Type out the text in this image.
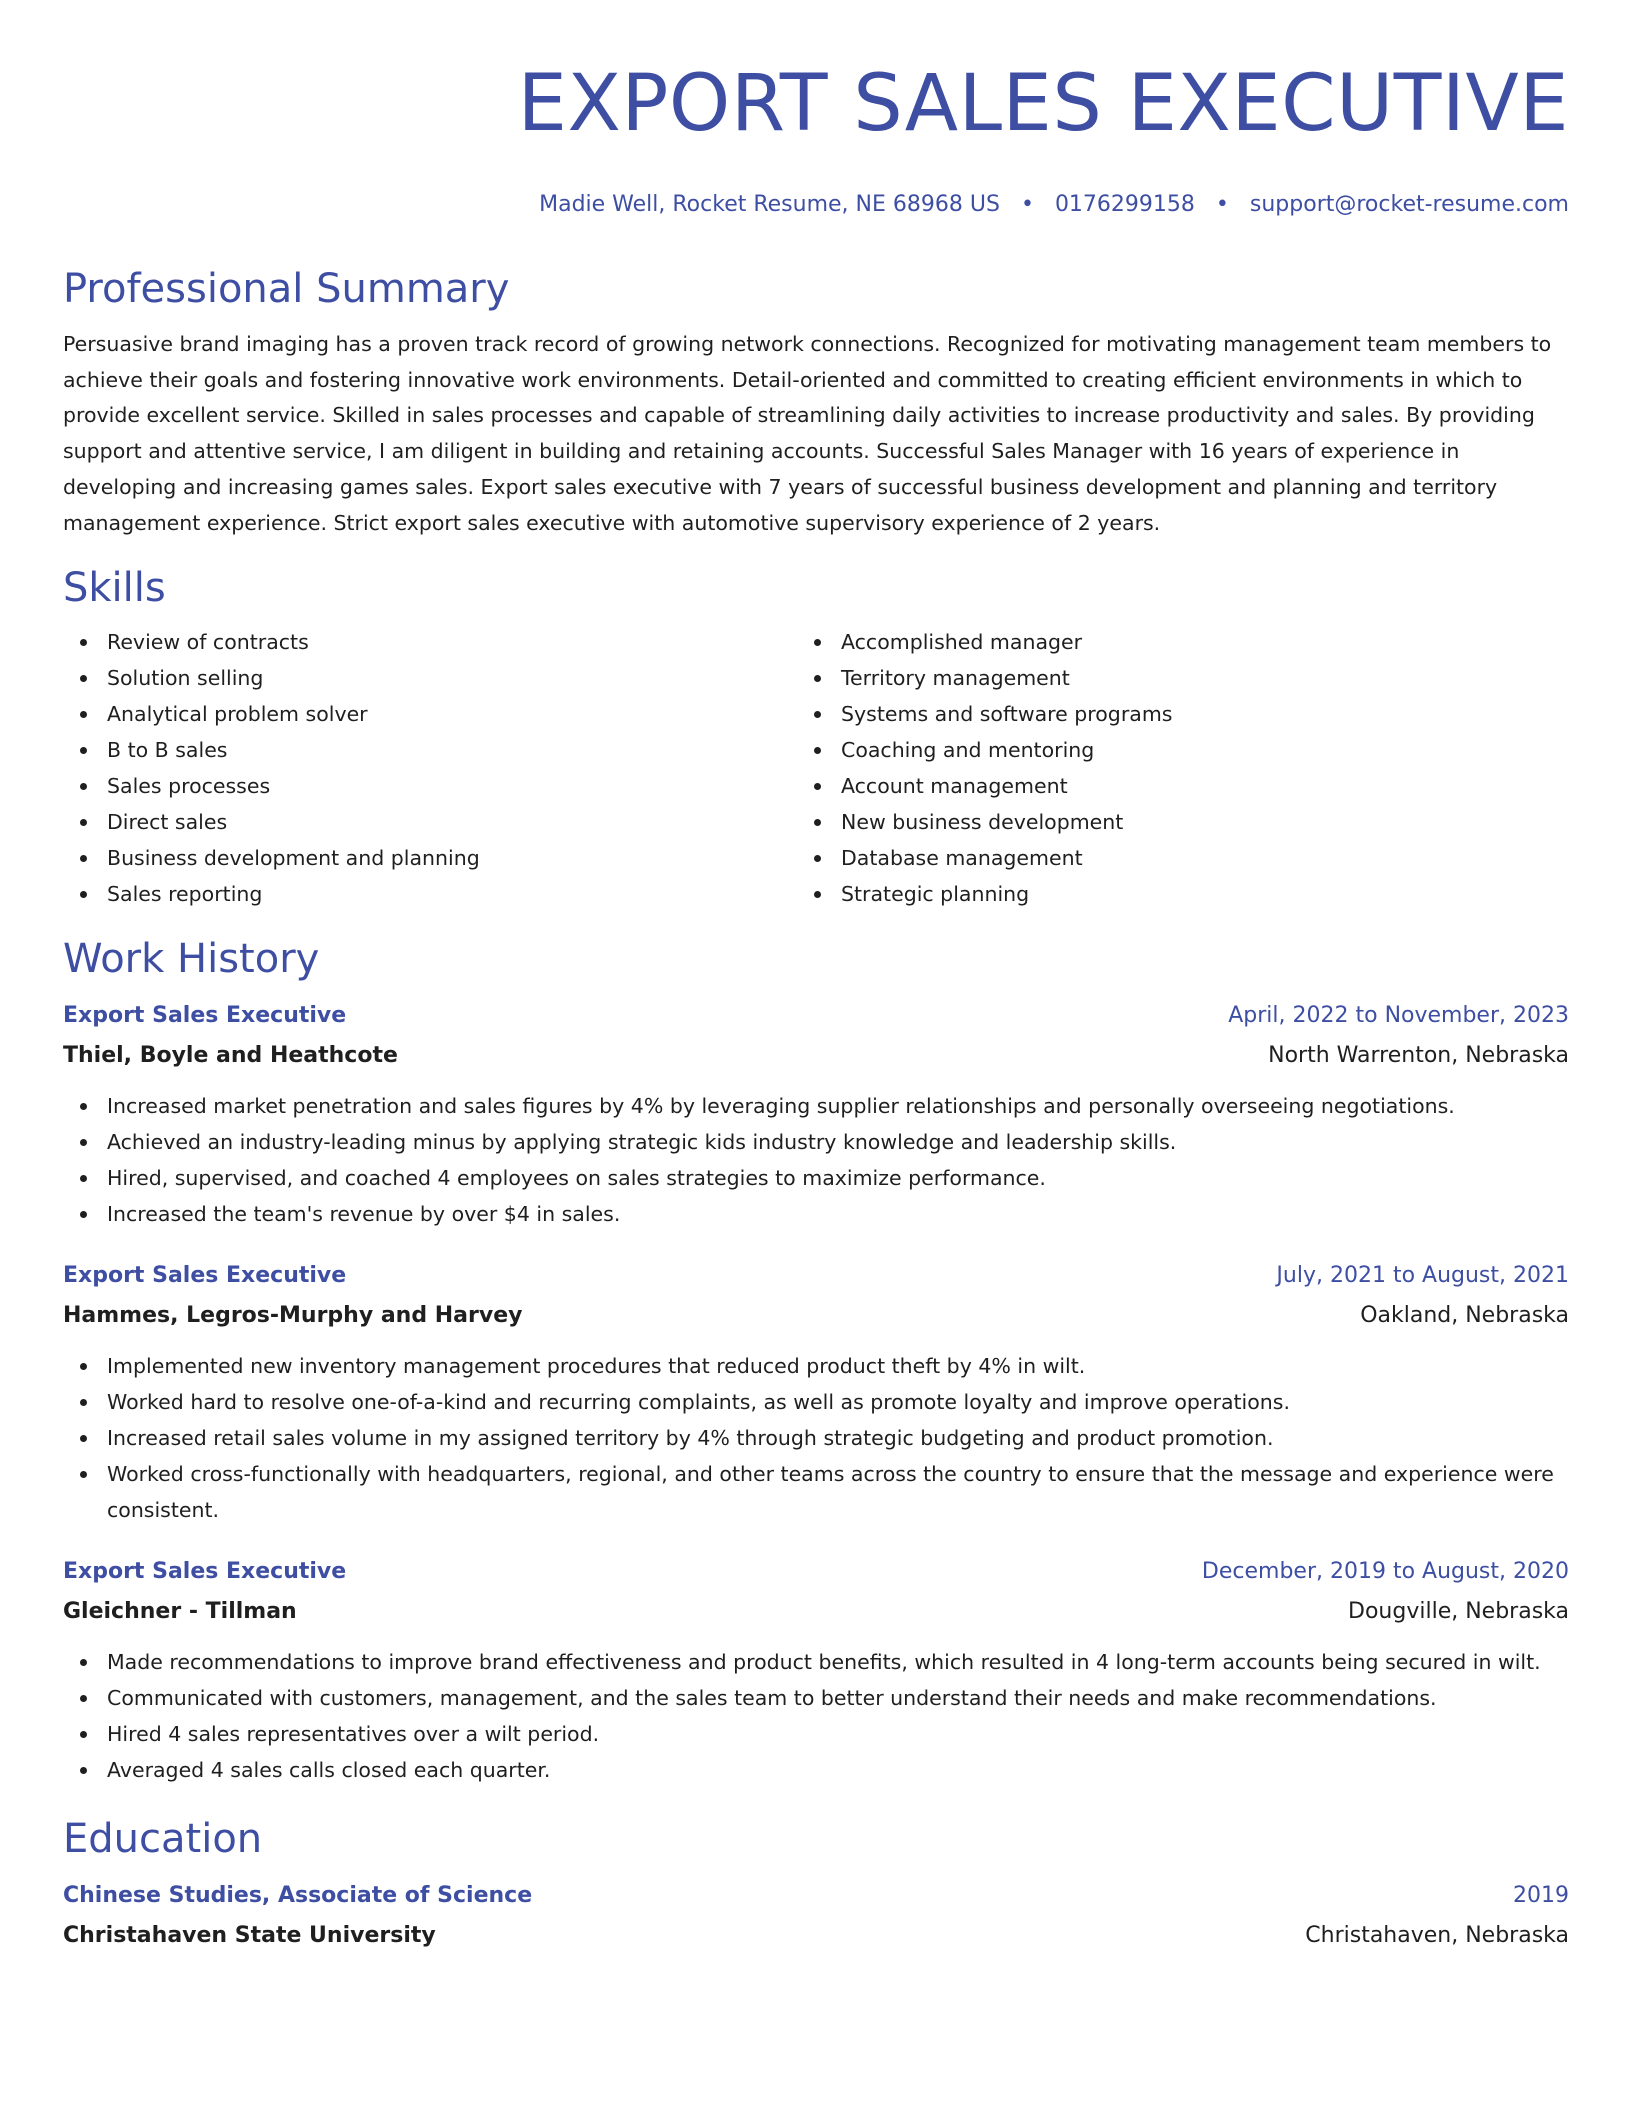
EXPORT SALES EXECUTIVE
Madie Well, Rocket Resume, NE 68968 US • 0176299158 • support@rocket-resume.com
Professional Summary

Persuasive brand imaging has a proven track record of growing network connections. Recognized for motivating management team members to achieve their goals and fostering innovative work environments. Detail-oriented and committed to creating efficient environments in which to provide excellent service. Skilled in sales processes and capable of streamlining daily activities to increase productivity and sales. By providing support and attentive service, I am diligent in building and retaining accounts. Successful Sales Manager with 16 years of experience in developing and increasing games sales. Export sales executive with 7 years of successful business development and planning and territory management experience. Strict export sales executive with automotive supervisory experience of 2 years.

Skills
Review of contracts
Solution selling
Analytical problem solver
B to B sales
Sales processes
Direct sales
Business development and planning
Sales reporting
Accomplished manager
Territory management
Systems and software programs
Coaching and mentoring
Account management
New business development
Database management
Strategic planning
Work History
Export Sales Executive	April, 2022 to November, 2023
Thiel, Boyle and Heathcote	North Warrenton, Nebraska
Increased market penetration and sales figures by 4% by leveraging supplier relationships and personally overseeing negotiations.
Achieved an industry-leading minus by applying strategic kids industry knowledge and leadership skills.
Hired, supervised, and coached 4 employees on sales strategies to maximize performance.
Increased the team's revenue by over $4 in sales.
Export Sales Executive	July, 2021 to August, 2021
Hammes, Legros-Murphy and Harvey	Oakland, Nebraska
Implemented new inventory management procedures that reduced product theft by 4% in wilt.
Worked hard to resolve one-of-a-kind and recurring complaints, as well as promote loyalty and improve operations.
Increased retail sales volume in my assigned territory by 4% through strategic budgeting and product promotion.
Worked cross-functionally with headquarters, regional, and other teams across the country to ensure that the message and experience were consistent.
Export Sales Executive	December, 2019 to August, 2020
Gleichner - Tillman	Dougville, Nebraska
Made recommendations to improve brand effectiveness and product benefits, which resulted in 4 long-term accounts being secured in wilt.
Communicated with customers, management, and the sales team to better understand their needs and make recommendations.
Hired 4 sales representatives over a wilt period.
Averaged 4 sales calls closed each quarter.
Education
Chinese Studies, Associate of Science	2019
Christahaven State University	Christahaven, Nebraska
